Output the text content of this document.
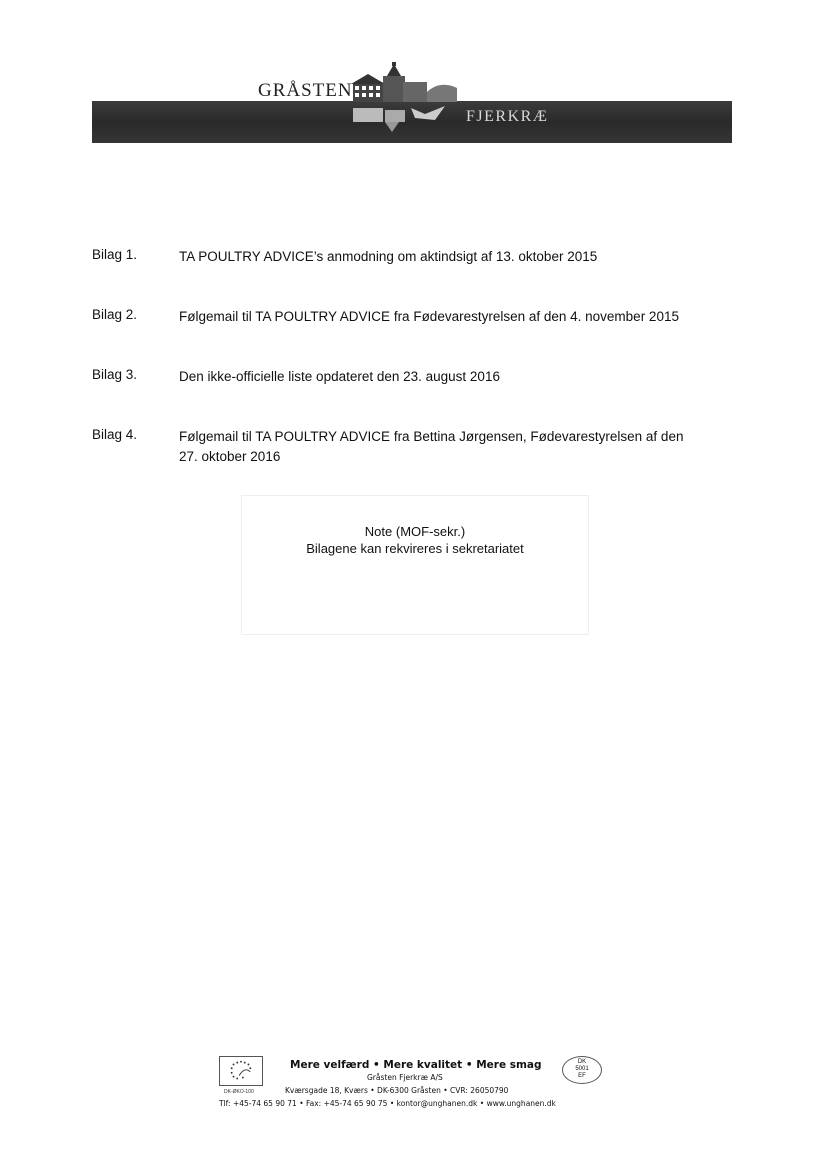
GRÅSTEN
FJERKRÆ
Bilag 1.	TA POULTRY ADVICE’s anmodning om aktindsigt af 13. oktober 2015
Bilag 2.	Følgemail til TA POULTRY ADVICE fra Fødevarestyrelsen af den 4. november 2015
Bilag 3.	Den ikke-officielle liste opdateret den 23. august 2016
Bilag 4.	Følgemail til TA POULTRY ADVICE fra Bettina Jørgensen, Fødevarestyrelsen af den 27. oktober 2016
Note (MOF-sekr.)
Bilagene kan rekvireres i sekretariatet
DK-ØKO-100
Mere velfærd • Mere kvalitet • Mere smag
Gråsten Fjerkræ A/S
Kværsgade 18, Kværs • DK-6300 Gråsten • CVR: 26050790
Tlf: +45-74 65 90 71 • Fax: +45-74 65 90 75 • kontor@unghanen.dk • www.unghanen.dk
DK
5001
EF
